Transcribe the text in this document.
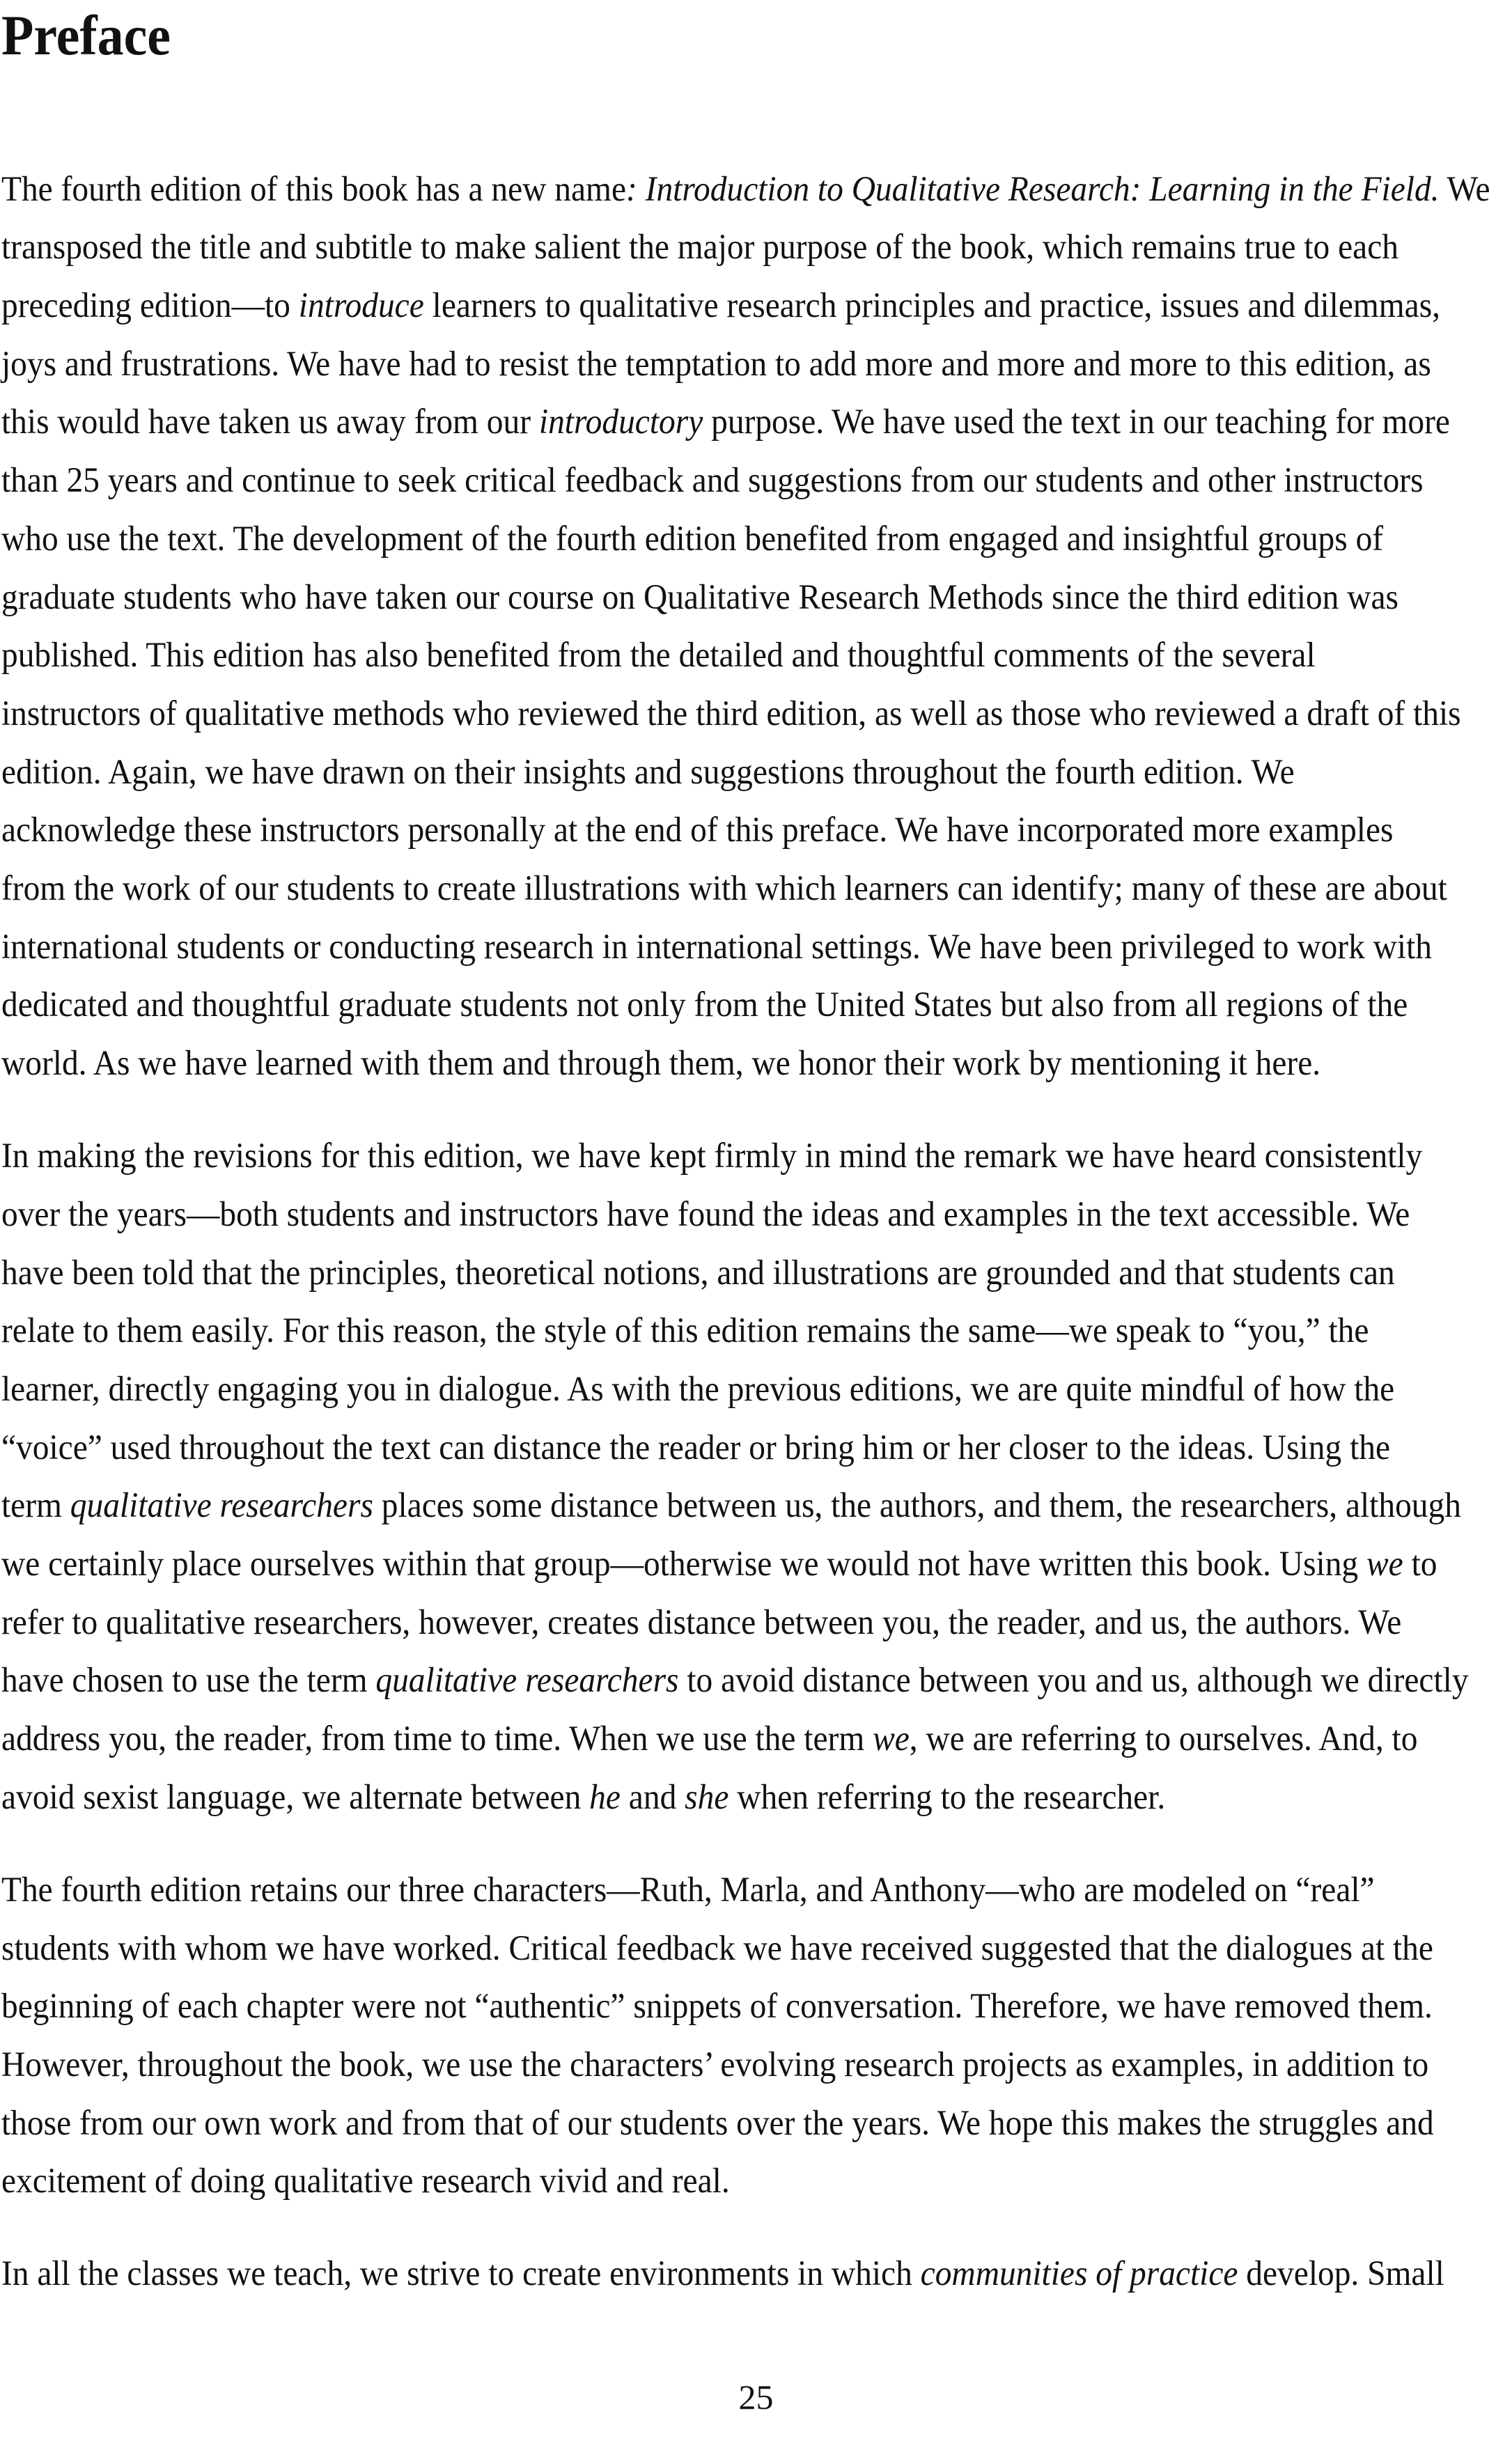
Preface
The fourth edition of this book has a new name: Introduction to Qualitative Research: Learning in the Field. We
transposed the title and subtitle to make salient the major purpose of the book, which remains true to each
preceding edition—to introduce learners to qualitative research principles and practice, issues and dilemmas,
joys and frustrations. We have had to resist the temptation to add more and more and more to this edition, as
this would have taken us away from our introductory purpose. We have used the text in our teaching for more
than 25 years and continue to seek critical feedback and suggestions from our students and other instructors
who use the text. The development of the fourth edition benefited from engaged and insightful groups of
graduate students who have taken our course on Qualitative Research Methods since the third edition was
published. This edition has also benefited from the detailed and thoughtful comments of the several
instructors of qualitative methods who reviewed the third edition, as well as those who reviewed a draft of this
edition. Again, we have drawn on their insights and suggestions throughout the fourth edition. We
acknowledge these instructors personally at the end of this preface. We have incorporated more examples
from the work of our students to create illustrations with which learners can identify; many of these are about
international students or conducting research in international settings. We have been privileged to work with
dedicated and thoughtful graduate students not only from the United States but also from all regions of the
world. As we have learned with them and through them, we honor their work by mentioning it here.
In making the revisions for this edition, we have kept firmly in mind the remark we have heard consistently
over the years—both students and instructors have found the ideas and examples in the text accessible. We
have been told that the principles, theoretical notions, and illustrations are grounded and that students can
relate to them easily. For this reason, the style of this edition remains the same—we speak to “you,” the
learner, directly engaging you in dialogue. As with the previous editions, we are quite mindful of how the
“voice” used throughout the text can distance the reader or bring him or her closer to the ideas. Using the
term qualitative researchers places some distance between us, the authors, and them, the researchers, although
we certainly place ourselves within that group—otherwise we would not have written this book. Using we to
refer to qualitative researchers, however, creates distance between you, the reader, and us, the authors. We
have chosen to use the term qualitative researchers to avoid distance between you and us, although we directly
address you, the reader, from time to time. When we use the term we, we are referring to ourselves. And, to
avoid sexist language, we alternate between he and she when referring to the researcher.
The fourth edition retains our three characters—Ruth, Marla, and Anthony—who are modeled on “real”
students with whom we have worked. Critical feedback we have received suggested that the dialogues at the
beginning of each chapter were not “authentic” snippets of conversation. Therefore, we have removed them.
However, throughout the book, we use the characters’ evolving research projects as examples, in addition to
those from our own work and from that of our students over the years. We hope this makes the struggles and
excitement of doing qualitative research vivid and real.
In all the classes we teach, we strive to create environments in which communities of practice develop. Small
25
